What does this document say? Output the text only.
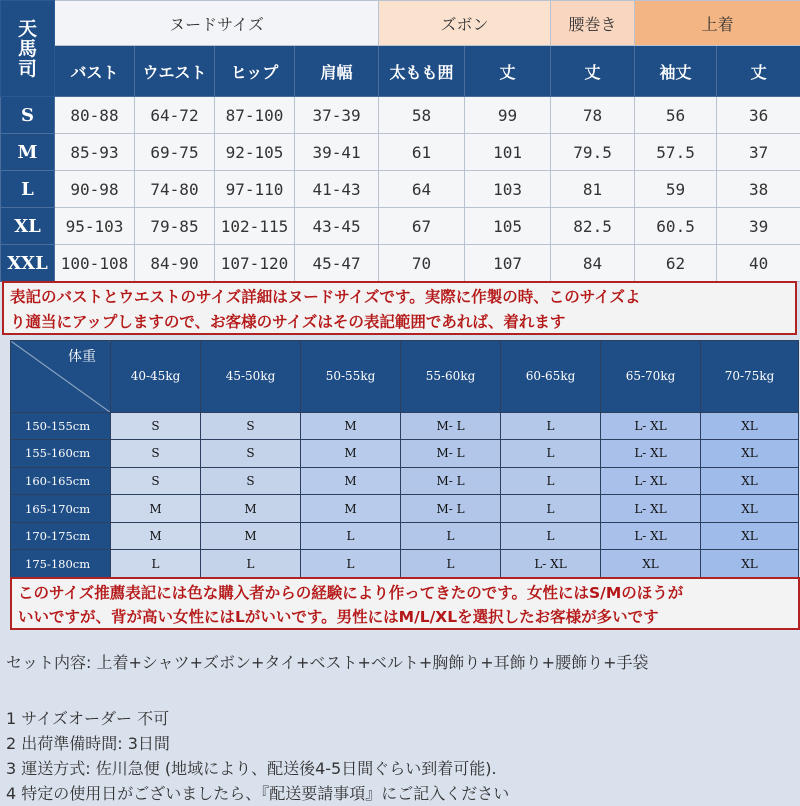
天馬司	ヌードサイズ				ズボン		腰巻き	上着	
	バスト	ウエスト	ヒップ	肩幅	太もも囲	丈	丈	袖丈	丈
S	80-88	64-72	87-100	37-39	58	99	78	56	36
M	85-93	69-75	92-105	39-41	61	101	79.5	57.5	37
L	90-98	74-80	97-110	41-43	64	103	81	59	38
XL	95-103	79-85	102-115	43-45	67	105	82.5	60.5	39
XXL	100-108	84-90	107-120	45-47	70	107	84	62	40
表記のバストとウエストのサイズ詳細はヌードサイズです。実際に作製の時、このサイズよ
り適当にアップしますので、お客様のサイズはその表記範囲であれば、着れます
体重	40-45kg	45-50kg	50-55kg	55-60kg	60-65kg	65-70kg	70-75kg
150-155cm	S	S	M	M- L	L	L- XL	XL
155-160cm	S	S	M	M- L	L	L- XL	XL
160-165cm	S	S	M	M- L	L	L- XL	XL
165-170cm	M	M	M	M- L	L	L- XL	XL
170-175cm	M	M	L	L	L	L- XL	XL
175-180cm	L	L	L	L	L- XL	XL	XL
このサイズ推薦表記には色な購入者からの経験により作ってきたのです。女性にはS/Mのほうが
いいですが、背が高い女性にはLがいいです。男性にはM/L/XLを選択したお客様が多いです
セット内容: 上着+シャツ+ズボン+タイ+ベスト+ベルト+胸飾り+耳飾り+腰飾り+手袋
1 サイズオーダー 不可
2 出荷準備時間: 3日間
3 運送方式: 佐川急便 (地域により、配送後4-5日間ぐらい到着可能).
4 特定の使用日がございましたら、『配送要請事項』にご記入ください
